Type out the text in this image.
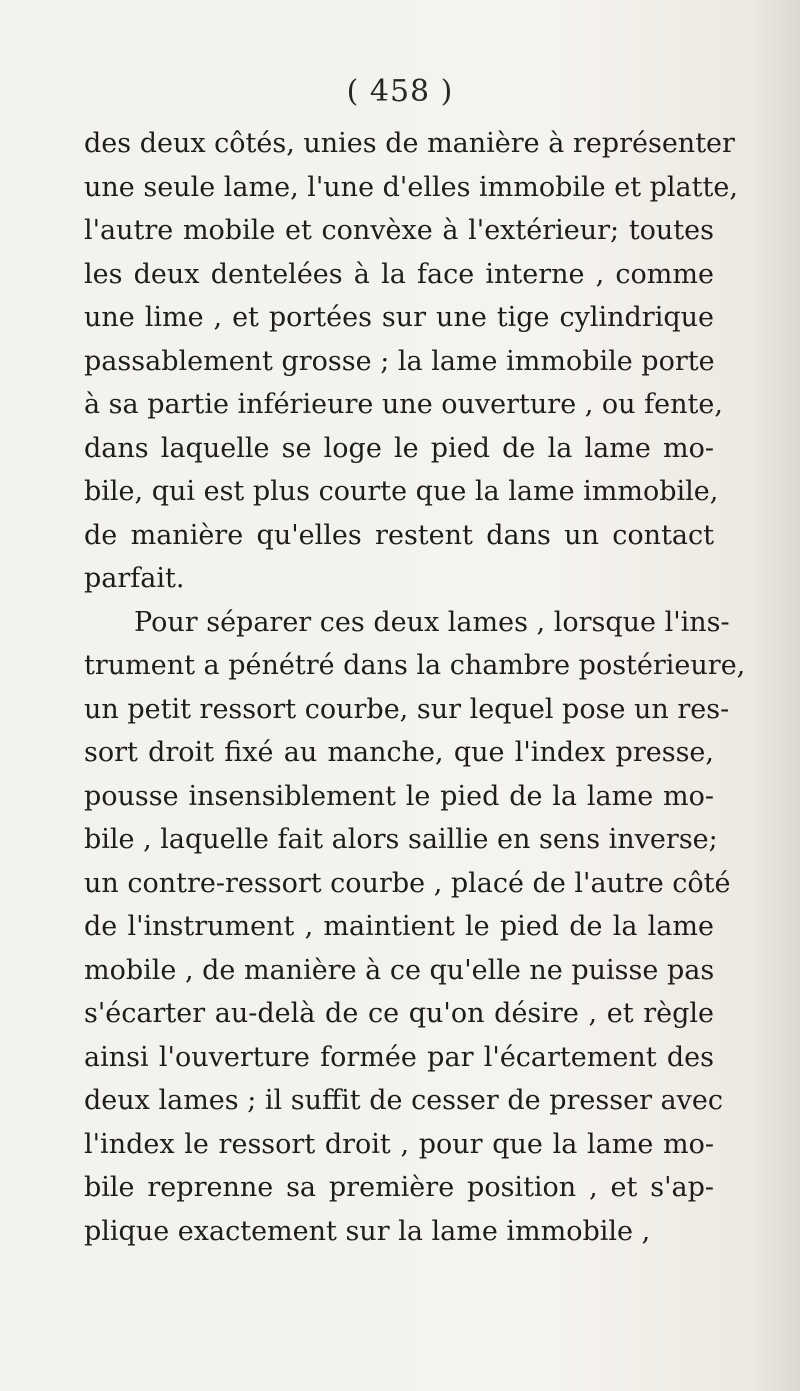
( 458 )
des deux côtés, unies de manière à représenter
une seule lame, l'une d'elles immobile et platte,
l'autre mobile et convèxe à l'extérieur; toutes
les deux dentelées à la face interne , comme
une lime , et portées sur une tige cylindrique
passablement grosse ; la lame immobile porte
à sa partie inférieure une ouverture , ou fente,
dans laquelle se loge le pied de la lame mo-
bile, qui est plus courte que la lame immobile,
de manière qu'elles restent dans un contact
parfait.
Pour séparer ces deux lames , lorsque l'ins-
trument a pénétré dans la chambre postérieure,
un petit ressort courbe, sur lequel pose un res-
sort droit fixé au manche, que l'index presse,
pousse insensiblement le pied de la lame mo-
bile , laquelle fait alors saillie en sens inverse;
un contre-ressort courbe , placé de l'autre côté
de l'instrument , maintient le pied de la lame
mobile , de manière à ce qu'elle ne puisse pas
s'écarter au-delà de ce qu'on désire , et règle
ainsi l'ouverture formée par l'écartement des
deux lames ; il suffit de cesser de presser avec
l'index le ressort droit , pour que la lame mo-
bile reprenne sa première position , et s'ap-
plique exactement sur la lame immobile ,
